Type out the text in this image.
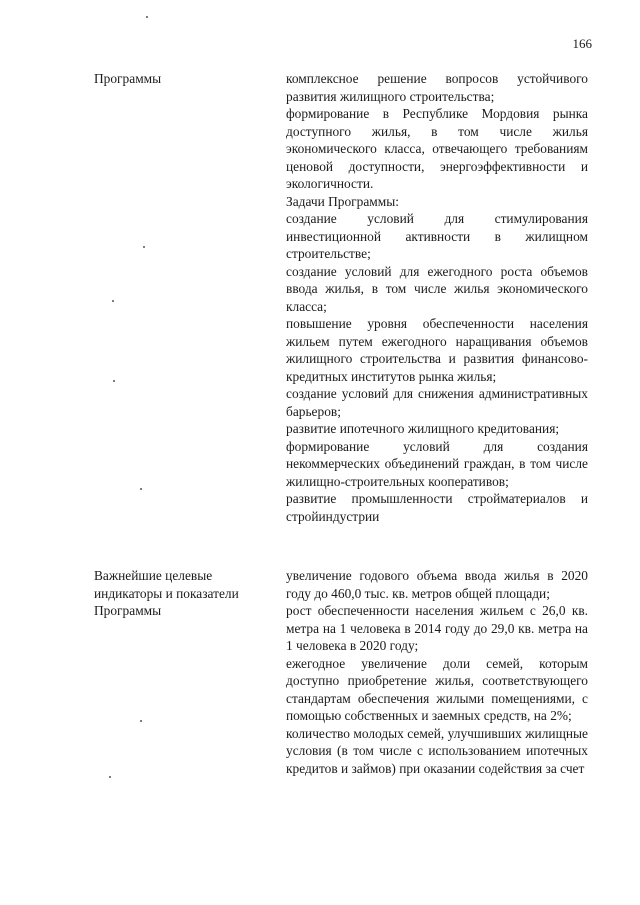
166
Программы	комплексное решение вопросов устойчивого развития жилищного строительства;

формирование в Республике Мордовия рынка доступного жилья, в том числе жилья экономического класса, отвечающего требованиям ценовой доступности, энергоэффективности и экологичности.

Задачи Программы:

создание условий для стимулирования инвестиционной активности в жилищном строительстве;

создание условий для ежегодного роста объемов ввода жилья, в том числе жилья экономического класса;

повышение уровня обеспеченности населения жильем путем ежегодного наращивания объемов жилищного строительства и развития финансово-кредитных институтов рынка жилья;

создание условий для снижения административных барьеров;

развитие ипотечного жилищного кредитования;

формирование условий для создания некоммерческих объединений граждан, в том числе жилищно-строительных кооперативов;

развитие промышленности стройматериалов и стройиндустрии

Важнейшие целевые индикаторы и показатели Программы

увеличение годового объема ввода жилья в 2020 году до 460,0 тыс. кв. метров общей площади;

рост обеспеченности населения жильем с 26,0 кв. метра на 1 человека в 2014 году до 29,0 кв. метра на 1 человека в 2020 году;

ежегодное увеличение доли семей, которым доступно приобретение жилья, соответствующего стандартам обеспечения жилыми помещениями, с помощью собственных и заемных средств, на 2%;

количество молодых семей, улучшивших жилищные условия (в том числе с использованием ипотечных кредитов и займов) при оказании содействия за счет
